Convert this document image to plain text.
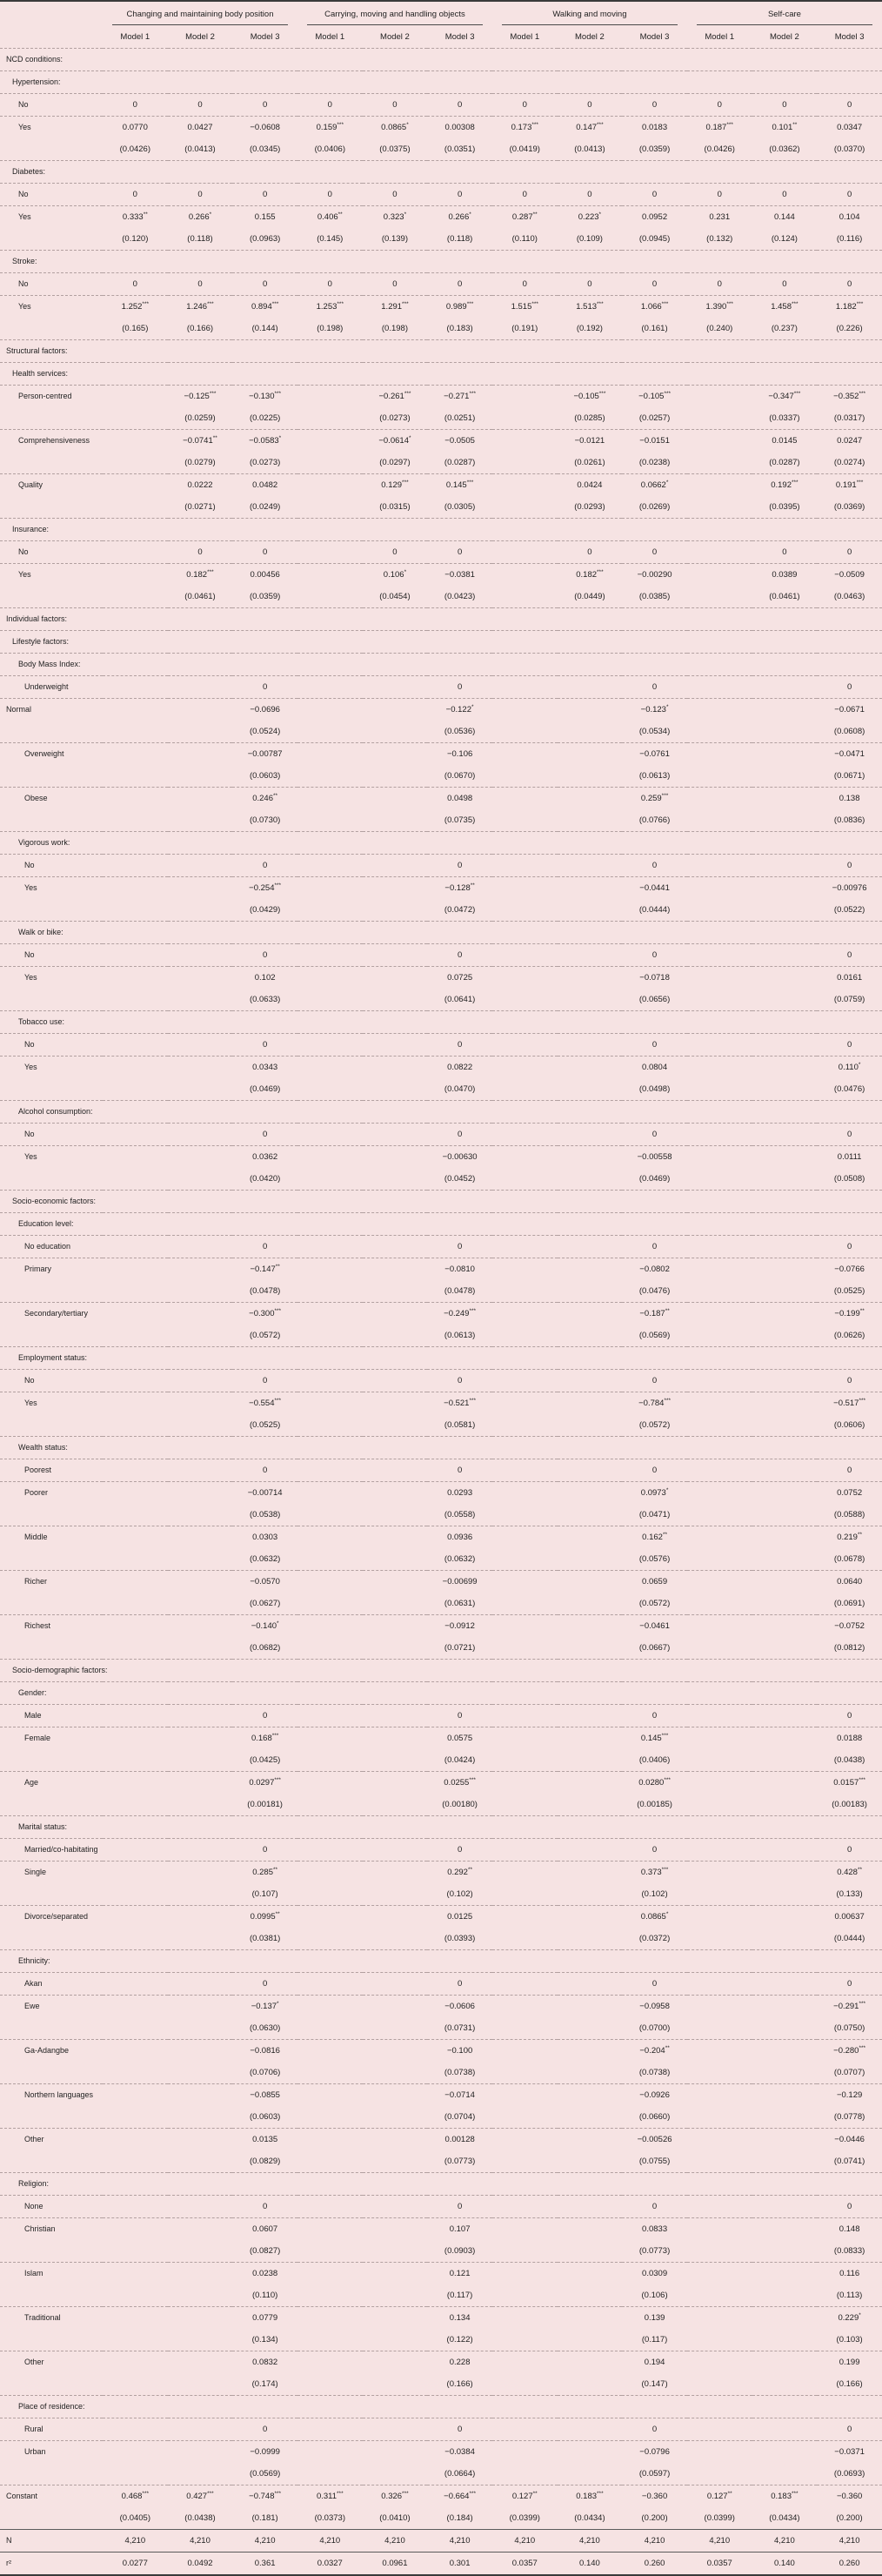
	Changing and maintaining body position			Carrying, moving and handling objects			Walking and moving			Self-care		

	Model 1	Model 2	Model 3	Model 1	Model 2	Model 3	Model 1	Model 2	Model 3	Model 1	Model 2	Model 3
NCD conditions:												
Hypertension:												
No	0	0	0	0	0	0	0	0	0	0	0	0
Yes	0.0770	0.0427	−0.0608	0.159***	0.0865*	0.00308	0.173***	0.147***	0.0183	0.187***	0.101**	0.0347
	(0.0426)	(0.0413)	(0.0345)	(0.0406)	(0.0375)	(0.0351)	(0.0419)	(0.0413)	(0.0359)	(0.0426)	(0.0362)	(0.0370)
Diabetes:												
No	0	0	0	0	0	0	0	0	0	0	0	0
Yes	0.333**	0.266*	0.155	0.406**	0.323*	0.266*	0.287**	0.223*	0.0952	0.231	0.144	0.104
	(0.120)	(0.118)	(0.0963)	(0.145)	(0.139)	(0.118)	(0.110)	(0.109)	(0.0945)	(0.132)	(0.124)	(0.116)
Stroke:												
No	0	0	0	0	0	0	0	0	0	0	0	0
Yes	1.252***	1.246***	0.894***	1.253***	1.291***	0.989***	1.515***	1.513***	1.066***	1.390***	1.458***	1.182***
	(0.165)	(0.166)	(0.144)	(0.198)	(0.198)	(0.183)	(0.191)	(0.192)	(0.161)	(0.240)	(0.237)	(0.226)
Structural factors:												
Health services:												
Person-centred		−0.125***	−0.130***		−0.261***	−0.271***		−0.105***	−0.105***		−0.347***	−0.352***
		(0.0259)	(0.0225)		(0.0273)	(0.0251)		(0.0285)	(0.0257)		(0.0337)	(0.0317)
Comprehensiveness		−0.0741**	−0.0583*		−0.0614*	−0.0505		−0.0121	−0.0151		0.0145	0.0247
		(0.0279)	(0.0273)		(0.0297)	(0.0287)		(0.0261)	(0.0238)		(0.0287)	(0.0274)
Quality		0.0222	0.0482		0.129***	0.145***		0.0424	0.0662*		0.192***	0.191***
		(0.0271)	(0.0249)		(0.0315)	(0.0305)		(0.0293)	(0.0269)		(0.0395)	(0.0369)
Insurance:												
No		0	0		0	0		0	0		0	0
Yes		0.182***	0.00456		0.106*	−0.0381		0.182***	−0.00290		0.0389	−0.0509
		(0.0461)	(0.0359)		(0.0454)	(0.0423)		(0.0449)	(0.0385)		(0.0461)	(0.0463)
Individual factors:												
Lifestyle factors:												
Body Mass Index:												
Underweight			0			0			0			0
Normal			−0.0696			−0.122*			−0.123*			−0.0671
			(0.0524)			(0.0536)			(0.0534)			(0.0608)
Overweight			−0.00787			−0.106			−0.0761			−0.0471
			(0.0603)			(0.0670)			(0.0613)			(0.0671)
Obese			0.246**			0.0498			0.259***			0.138
			(0.0730)			(0.0735)			(0.0766)			(0.0836)
Vigorous work:												
No			0			0			0			0
Yes			−0.254***			−0.128**			−0.0441			−0.00976
			(0.0429)			(0.0472)			(0.0444)			(0.0522)
Walk or bike:												
No			0			0			0			0
Yes			0.102			0.0725			−0.0718			0.0161
			(0.0633)			(0.0641)			(0.0656)			(0.0759)
Tobacco use:												
No			0			0			0			0
Yes			0.0343			0.0822			0.0804			0.110*
			(0.0469)			(0.0470)			(0.0498)			(0.0476)
Alcohol consumption:												
No			0			0			0			0
Yes			0.0362			−0.00630			−0.00558			0.0111
			(0.0420)			(0.0452)			(0.0469)			(0.0508)
Socio-economic factors:												
Education level:												
No education			0			0			0			0
Primary			−0.147**			−0.0810			−0.0802			−0.0766
			(0.0478)			(0.0478)			(0.0476)			(0.0525)
Secondary/tertiary			−0.300***			−0.249***			−0.187**			−0.199**
			(0.0572)			(0.0613)			(0.0569)			(0.0626)
Employment status:												
No			0			0			0			0
Yes			−0.554***			−0.521***			−0.784***			−0.517***
			(0.0525)			(0.0581)			(0.0572)			(0.0606)
Wealth status:												
Poorest			0			0			0			0
Poorer			−0.00714			0.0293			0.0973*			0.0752
			(0.0538)			(0.0558)			(0.0471)			(0.0588)
Middle			0.0303			0.0936			0.162**			0.219**
			(0.0632)			(0.0632)			(0.0576)			(0.0678)
Richer			−0.0570			−0.00699			0.0659			0.0640
			(0.0627)			(0.0631)			(0.0572)			(0.0691)
Richest			−0.140*			−0.0912			−0.0461			−0.0752
			(0.0682)			(0.0721)			(0.0667)			(0.0812)
Socio-demographic factors:												
Gender:												
Male			0			0			0			0
Female			0.168***			0.0575			0.145***			0.0188
			(0.0425)			(0.0424)			(0.0406)			(0.0438)
Age			0.0297***			0.0255***			0.0280***			0.0157***
			(0.00181)			(0.00180)			(0.00185)			(0.00183)
Marital status:												
Married/co-habitating			0			0			0			0
Single			0.285**			0.292**			0.373***			0.428**
			(0.107)			(0.102)			(0.102)			(0.133)
Divorce/separated			0.0995**			0.0125			0.0865*			0.00637
			(0.0381)			(0.0393)			(0.0372)			(0.0444)
Ethnicity:												
Akan			0			0			0			0
Ewe			−0.137*			−0.0606			−0.0958			−0.291***
			(0.0630)			(0.0731)			(0.0700)			(0.0750)
Ga-Adangbe			−0.0816			−0.100			−0.204**			−0.280***
			(0.0706)			(0.0738)			(0.0738)			(0.0707)
Northern languages			−0.0855			−0.0714			−0.0926			−0.129
			(0.0603)			(0.0704)			(0.0660)			(0.0778)
Other			0.0135			0.00128			−0.00526			−0.0446
			(0.0829)			(0.0773)			(0.0755)			(0.0741)
Religion:												
None			0			0			0			0
Christian			0.0607			0.107			0.0833			0.148
			(0.0827)			(0.0903)			(0.0773)			(0.0833)
Islam			0.0238			0.121			0.0309			0.116
			(0.110)			(0.117)			(0.106)			(0.113)
Traditional			0.0779			0.134			0.139			0.229*
			(0.134)			(0.122)			(0.117)			(0.103)
Other			0.0832			0.228			0.194			0.199
			(0.174)			(0.166)			(0.147)			(0.166)
Place of residence:												
Rural			0			0			0			0
Urban			−0.0999			−0.0384			−0.0796			−0.0371
			(0.0569)			(0.0664)			(0.0597)			(0.0693)
Constant	0.468***	0.427***	−0.748***	0.311***	0.326***	−0.664***	0.127**	0.183***	−0.360	0.127**	0.183***	−0.360
	(0.0405)	(0.0438)	(0.181)	(0.0373)	(0.0410)	(0.184)	(0.0399)	(0.0434)	(0.200)	(0.0399)	(0.0434)	(0.200)
N	4,210	4,210	4,210	4,210	4,210	4,210	4,210	4,210	4,210	4,210	4,210	4,210
r²	0.0277	0.0492	0.361	0.0327	0.0961	0.301	0.0357	0.140	0.260	0.0357	0.140	0.260
